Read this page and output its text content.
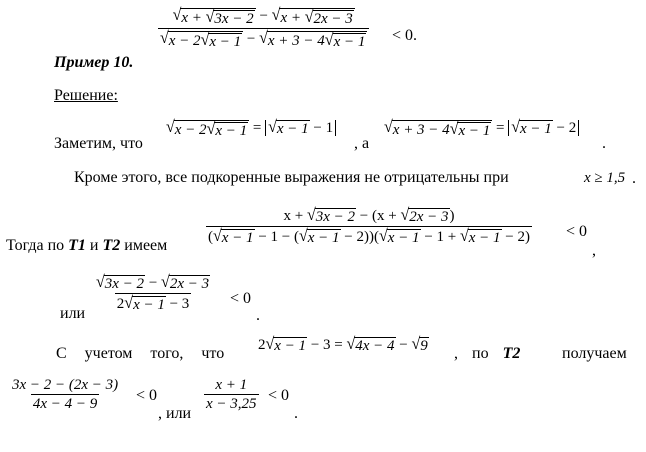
Пример 10.
$\frac{√ x + √ 3x - 2 - √ x + √ 2x - 3}{√ x - 2 √ x - 1 - √ x + 3 - 4 √ x - 1} < 0$.
Решение:
Заметим, что
√ x − 2 √ x − 1 = √ x − 1 − 1
, а
√ x + 3 − 4 √ x − 1 = √ x − 1 − 2
.
Кроме этого, все подкоренные выражения не отрицательны при	x ≥ 1,5 .
Тогда по T1 и T2 имеем	$\frac{x + √ 3x - 2 - (x + √ 2x - 3 )}{( √ x - 1 - 1 - ( √ x - 1 - 2))( √ x - 1 - 1 + √ x - 1 - 2)} < 0$
,
или
$\frac{√ 3x - 2 - √ 2x - 3}{2 √ x - 1 - 3} < 0$
.
С учетом того, что 2 √ x − 1 − 3 = √ 4x − 4 − √ 9 , по T2	получаем
$\frac{3x - 2 - (2x - 3)}{4x - 4 - 9} < 0$
, или
$\frac{x + 1}{x - 3,25} < 0$
.
